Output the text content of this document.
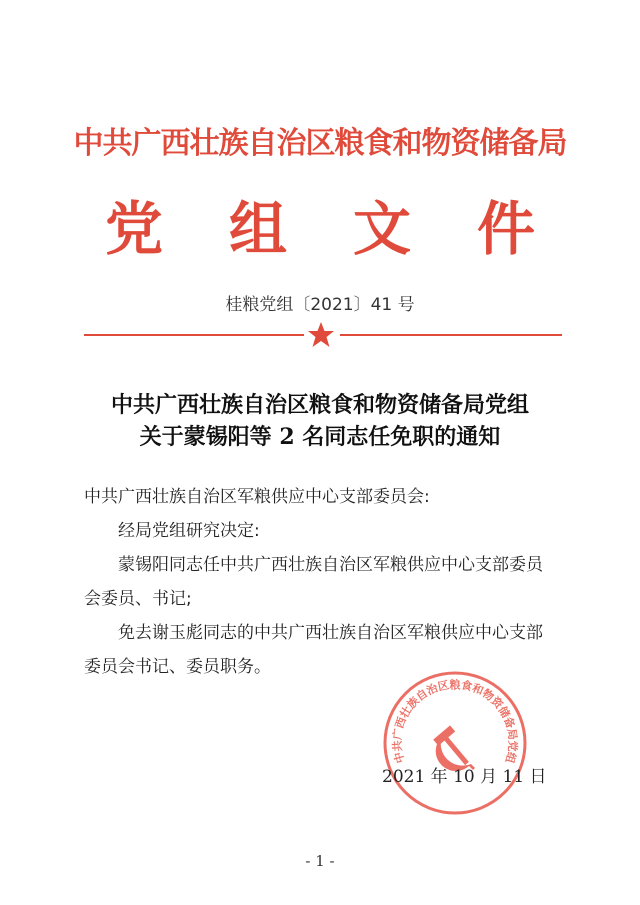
中共广西壮族自治区粮食和物资储备局
党组文件
桂粮党组〔2021〕41 号
中共广西壮族自治区粮食和物资储备局党组
关于蒙锡阳等 2 名同志任免职的通知
中共广西壮族自治区军粮供应中心支部委员会:
经局党组研究决定:
蒙锡阳同志任中共广西壮族自治区军粮供应中心支部委员
会委员、书记;
免去谢玉彪同志的中共广西壮族自治区军粮供应中心支部
委员会书记、委员职务。
中共广西壮族自治区粮食和物资储备局党组
2021 年 10 月 11 日
- 1 -
